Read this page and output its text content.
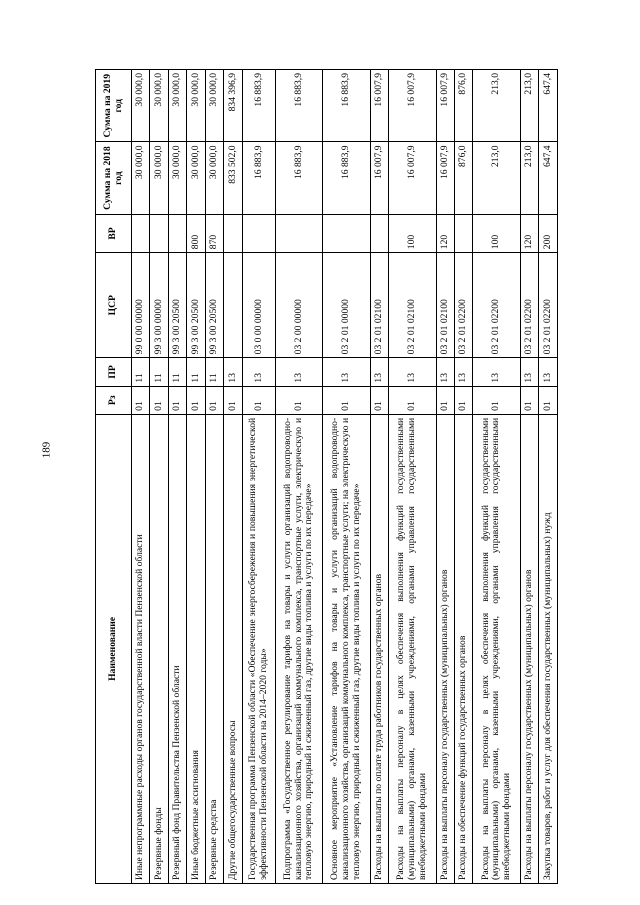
189
Наименование	Рз	ПР	ЦСР	ВР	Сумма на 2018 год	Сумма на 2019 год
Иные непрограммные расходы органов государственной власти Пензенской области	01	11	99 0 00 00000		30 000,0	30 000,0
Резервные фонды	01	11	99 3 00 00000		30 000,0	30 000,0
Резервный фонд Правительства Пензенской области	01	11	99 3 00 20500		30 000,0	30 000,0
Иные бюджетные ассигнования	01	11	99 3 00 20500	800	30 000,0	30 000,0
Резервные средства	01	11	99 3 00 20500	870	30 000,0	30 000,0
Другие общегосударственные вопросы	01	13			833 502,0	834 396,9
Государственная программа Пензенской области «Обеспечение энергосбережения и повышения энергетической эффективности Пензенской области на 2014–2020 годы»	01	13	03 0 00 00000		16 883,9	16 883,9
Подпрограмма «Государственное регулирование тарифов на товары и услуги организаций водопроводно-канализационного хозяйства, организаций коммунального комплекса, транспортные услуги, электрическую и тепловую энергию, природный и сжиженный газ, другие виды топлива и услуги по их передаче»	01	13	03 2 00 00000		16 883,9	16 883,9
Основное мероприятие «Установление тарифов на товары и услуги организаций водопроводно-канализационного хозяйства, организаций коммунального комплекса, транспортные услуги; на электрическую и тепловую энергию, природный и сжиженный газ, другие виды топлива и услуги по их передаче»	01	13	03 2 01 00000		16 883,9	16 883,9
Расходы на выплаты по оплате труда работников государственных органов	01	13	03 2 01 02100		16 007,9	16 007,9
Расходы на выплаты персоналу в целях обеспечения выполнения функций государственными (муниципальными) органами, казенными учреждениями, органами управления государственными внебюджетными фондами	01	13	03 2 01 02100	100	16 007,9	16 007,9
Расходы на выплаты персоналу государственных (муниципальных) органов	01	13	03 2 01 02100	120	16 007,9	16 007,9
Расходы на обеспечение функций государственных органов	01	13	03 2 01 02200		876,0	876,0
Расходы на выплаты персоналу в целях обеспечения выполнения функций государственными (муниципальными) органами, казенными учреждениями, органами управления государственными внебюджетными фондами	01	13	03 2 01 02200	100	213,0	213,0
Расходы на выплаты персоналу государственных (муниципальных) органов	01	13	03 2 01 02200	120	213,0	213,0
Закупка товаров, работ и услуг для обеспечения государственных (муниципальных) нужд	01	13	03 2 01 02200	200	647,4	647,4
